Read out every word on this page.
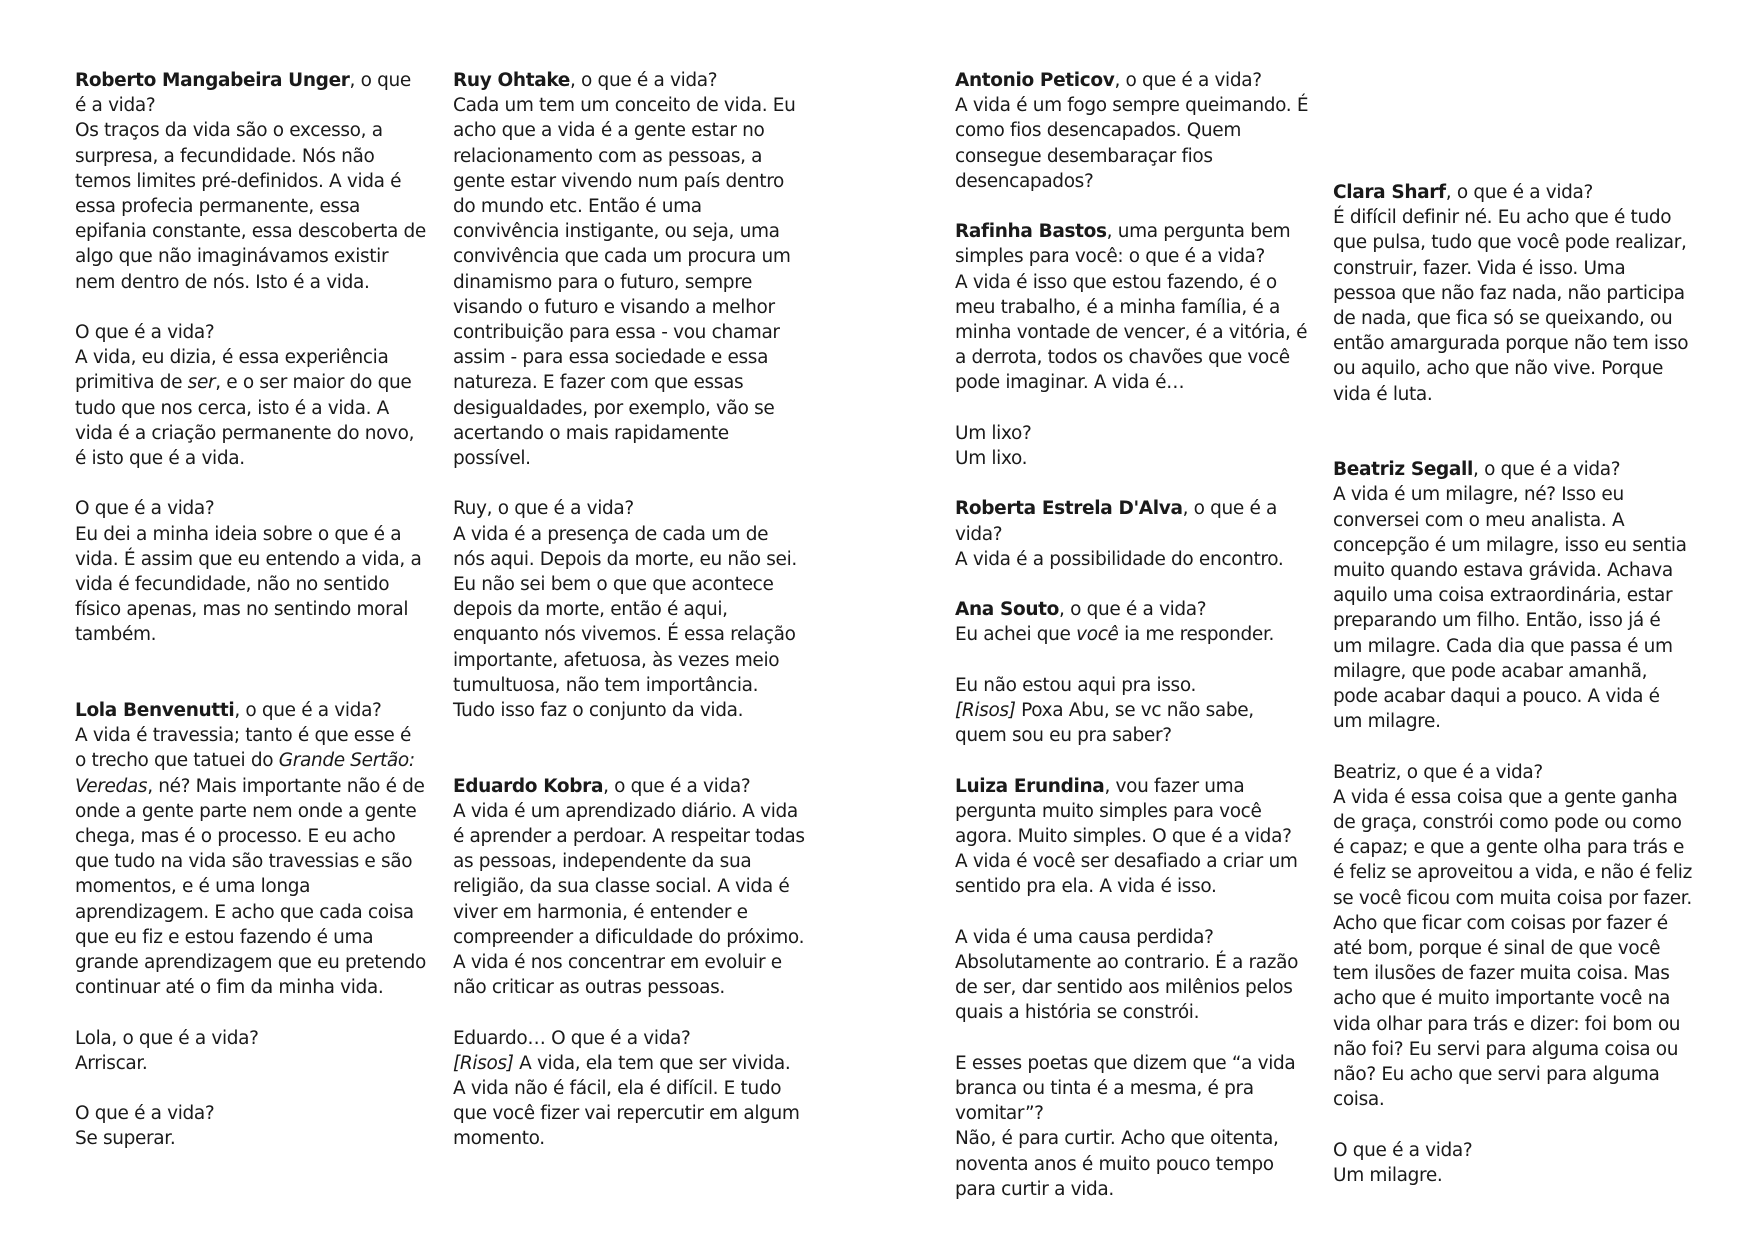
Roberto Mangabeira Unger, o que é a vida?

Os traços da vida são o excesso, a surpresa, a fecundidade. Nós não temos limites pré-definidos. A vida é essa profecia permanente, essa epifania constante, essa descoberta de algo que não imaginávamos existir nem dentro de nós. Isto é a vida.

O que é a vida?

A vida, eu dizia, é essa experiência primitiva de ser, e o ser maior do que tudo que nos cerca, isto é a vida. A vida é a criação permanente do novo, é isto que é a vida.

O que é a vida?

Eu dei a minha ideia sobre o que é a vida. É assim que eu entendo a vida, a vida é fecundidade, não no sentido físico apenas, mas no sentindo moral também.

Lola Benvenutti, o que é a vida?

A vida é travessia; tanto é que esse é o trecho que tatuei do Grande Sertão: Veredas, né? Mais importante não é de onde a gente parte nem onde a gente chega, mas é o processo. E eu acho que tudo na vida são travessias e são momentos, e é uma longa aprendizagem. E acho que cada coisa que eu fiz e estou fazendo é uma grande aprendizagem que eu pretendo continuar até o fim da minha vida.

Lola, o que é a vida?

Arriscar.

O que é a vida?

Se superar.

Ruy Ohtake, o que é a vida?

Cada um tem um conceito de vida. Eu acho que a vida é a gente estar no relacionamento com as pessoas, a gente estar vivendo num país dentro do mundo etc. Então é uma convivência instigante, ou seja, uma convivência que cada um procura um dinamismo para o futuro, sempre visando o futuro e visando a melhor contribuição para essa - vou chamar assim - para essa sociedade e essa natureza. E fazer com que essas desigualdades, por exemplo, vão se acertando o mais rapidamente possível.

Ruy, o que é a vida?

A vida é a presença de cada um de nós aqui. Depois da morte, eu não sei. Eu não sei bem o que que acontece depois da morte, então é aqui, enquanto nós vivemos. É essa relação importante, afetuosa, às vezes meio tumultuosa, não tem importância. Tudo isso faz o conjunto da vida.

Eduardo Kobra, o que é a vida?

A vida é um aprendizado diário. A vida é aprender a perdoar. A respeitar todas as pessoas, independente da sua religião, da sua classe social. A vida é viver em harmonia, é entender e compreender a dificuldade do próximo. A vida é nos concentrar em evoluir e não criticar as outras pessoas.

Eduardo… O que é a vida?

[Risos] A vida, ela tem que ser vivida. A vida não é fácil, ela é difícil. E tudo que você fizer vai repercutir em algum momento.

Antonio Peticov, o que é a vida?

A vida é um fogo sempre queimando. É como fios desencapados. Quem consegue desembaraçar fios desencapados?

Rafinha Bastos, uma pergunta bem simples para você: o que é a vida?

A vida é isso que estou fazendo, é o meu trabalho, é a minha família, é a minha vontade de vencer, é a vitória, é a derrota, todos os chavões que você pode imaginar. A vida é…

Um lixo?

Um lixo.

Roberta Estrela D'Alva, o que é a vida?

A vida é a possibilidade do encontro.

Ana Souto, o que é a vida?

Eu achei que você ia me responder.

Eu não estou aqui pra isso.

[Risos] Poxa Abu, se vc não sabe, quem sou eu pra saber?

Luiza Erundina, vou fazer uma pergunta muito simples para você agora. Muito simples. O que é a vida?

A vida é você ser desafiado a criar um sentido pra ela. A vida é isso.

A vida é uma causa perdida?

Absolutamente ao contrario. É a razão de ser, dar sentido aos milênios pelos quais a história se constrói.

E esses poetas que dizem que “a vida branca ou tinta é a mesma, é pra vomitar”?

Não, é para curtir. Acho que oitenta, noventa anos é muito pouco tempo para curtir a vida.

Clara Sharf, o que é a vida?

É difícil definir né. Eu acho que é tudo que pulsa, tudo que você pode realizar, construir, fazer. Vida é isso. Uma pessoa que não faz nada, não participa de nada, que fica só se queixando, ou então amargurada porque não tem isso ou aquilo, acho que não vive. Porque vida é luta.

Beatriz Segall, o que é a vida?

A vida é um milagre, né? Isso eu conversei com o meu analista. A concepção é um milagre, isso eu sentia muito quando estava grávida. Achava aquilo uma coisa extraordinária, estar preparando um filho. Então, isso já é um milagre. Cada dia que passa é um milagre, que pode acabar amanhã, pode acabar daqui a pouco. A vida é um milagre.

Beatriz, o que é a vida?

A vida é essa coisa que a gente ganha de graça, constrói como pode ou como é capaz; e que a gente olha para trás e é feliz se aproveitou a vida, e não é feliz se você ficou com muita coisa por fazer. Acho que ficar com coisas por fazer é até bom, porque é sinal de que você tem ilusões de fazer muita coisa. Mas acho que é muito importante você na vida olhar para trás e dizer: foi bom ou não foi? Eu servi para alguma coisa ou não? Eu acho que servi para alguma coisa.

O que é a vida?

Um milagre.
